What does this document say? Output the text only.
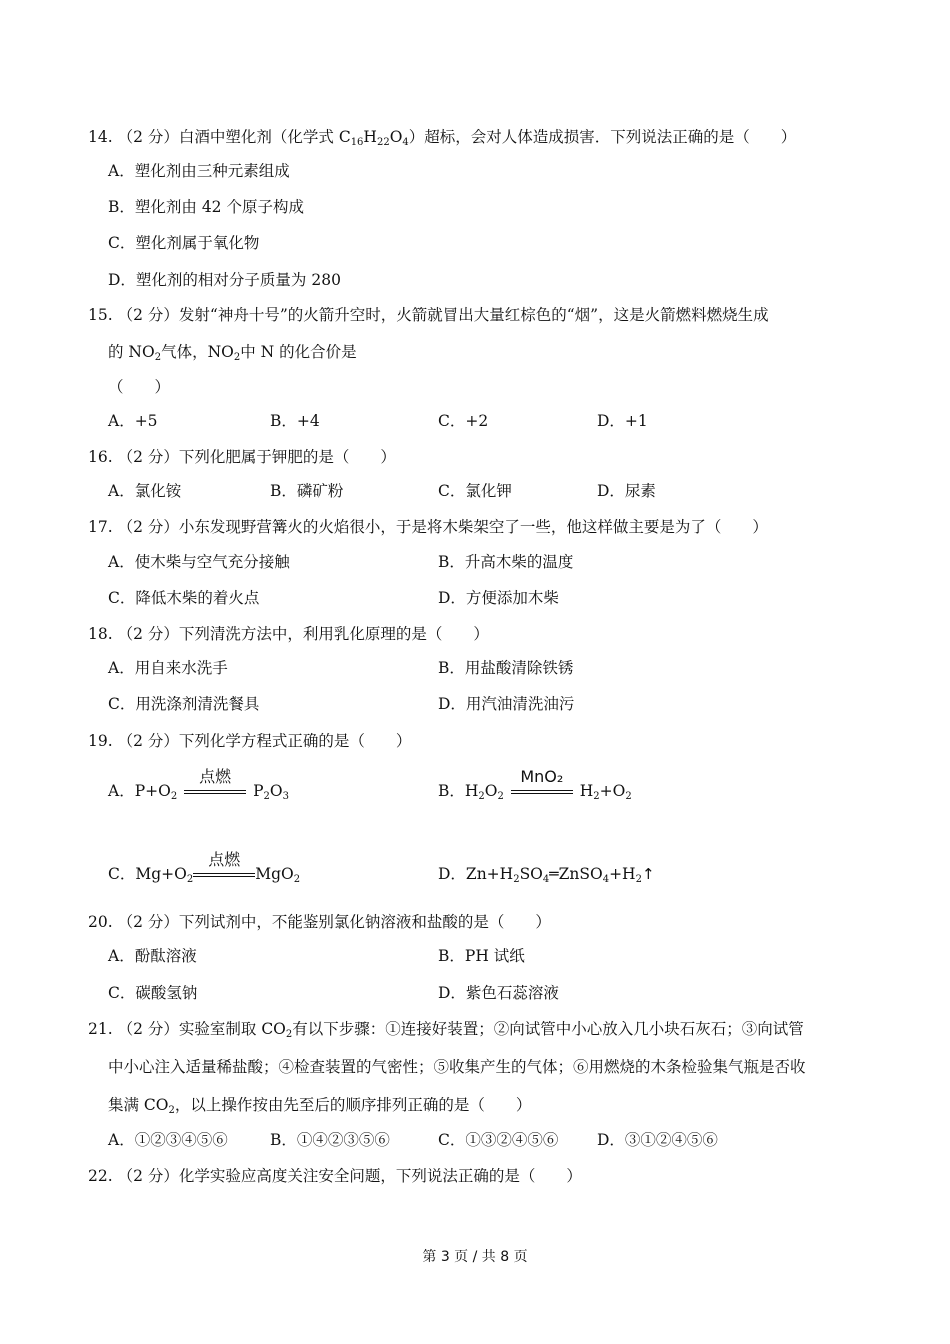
14. （2 分）白酒中塑化剂（化学式 $C_{16}H_{22}O_4$）超标，会对人体造成损害．下列说法正确的是（　　）
A．塑化剂由三种元素组成
B．塑化剂由 42 个原子构成
C．塑化剂属于氧化物
D．塑化剂的相对分子质量为 280
15. （2 分）发射“神舟十号”的火箭升空时，火箭就冒出大量红棕色的“烟”，这是火箭燃料燃烧生成
的 $NO_2$气体，$NO_2$中 N 的化合价是
（　　）
A．+5	B．+4	C．+2	D．+1
16. （2 分）下列化肥属于钾肥的是（　　）
A．氯化铵	B．磷矿粉	C．氯化钾	D．尿素
17. （2 分）小东发现野营篝火的火焰很小，于是将木柴架空了一些，他这样做主要是为了（　　）
A．使木柴与空气充分接触	B．升高木柴的温度
C．降低木柴的着火点	D．方便添加木柴
18. （2 分）下列清洗方法中，利用乳化原理的是（　　）
A．用自来水洗手	B．用盐酸清除铁锈
C．用洗涤剂清洗餐具	D．用汽油清洗油污
19. （2 分）下列化学方程式正确的是（　　）
A．$P+O_2$
点燃
$P_2O_3$	B．$H_2O_2$
MnO₂
$H_2+O_2$
C．$Mg+O_2$
点燃
MgO$_2$	D．$Zn+H_2SO_4═ZnSO_4+H_2↑$
20. （2 分）下列试剂中，不能鉴别氯化钠溶液和盐酸的是（　　）
A．酚酞溶液	B．PH 试纸
C．碳酸氢钠	D．紫色石蕊溶液
21. （2 分）实验室制取 $CO_2$有以下步骤：①连接好装置；②向试管中小心放入几小块石灰石；③向试管
中小心注入适量稀盐酸；④检查装置的气密性；⑤收集产生的气体；⑥用燃烧的木条检验集气瓶是否收
集满 $CO_2$，以上操作按由先至后的顺序排列正确的是（　　）
A．①②③④⑤⑥	B．①④②③⑤⑥	C．①③②④⑤⑥ D．③①②④⑤⑥
22. （2 分）化学实验应高度关注安全问题，下列说法正确的是（　　）
第 3 页 / 共 8 页
